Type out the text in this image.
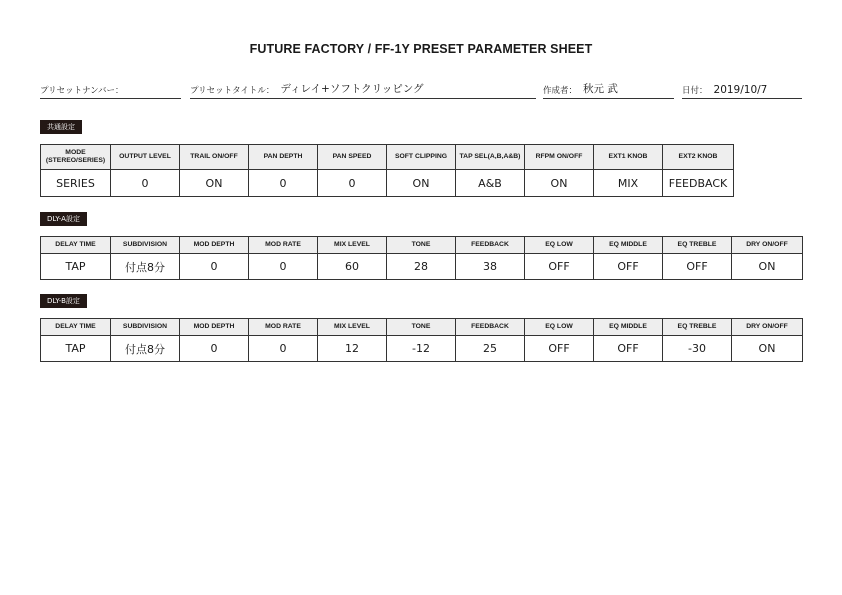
FUTURE FACTORY / FF-1Y PRESET PARAMETER SHEET
プリセットナンバー：	プリセットタイトル： ディレイ+ソフトクリッピング	作成者： 秋元 武	日付： 2019/10/7
共通設定
MODE
(STEREO/SERIES)	OUTPUT LEVEL	TRAIL ON/OFF	PAN DEPTH	PAN SPEED	SOFT CLIPPING	TAP SEL(A,B,A&B)	RFPM ON/OFF	EXT1 KNOB	EXT2 KNOB
SERIES	0	ON	0	0	ON	A&B	ON	MIX	FEEDBACK
DLY-A設定
DELAY TIME	SUBDIVISION	MOD DEPTH	MOD RATE	MIX LEVEL	TONE	FEEDBACK	EQ LOW	EQ MIDDLE	EQ TREBLE	DRY ON/OFF
TAP	付点8分	0	0	60	28	38	OFF	OFF	OFF	ON
DLY-B設定
DELAY TIME	SUBDIVISION	MOD DEPTH	MOD RATE	MIX LEVEL	TONE	FEEDBACK	EQ LOW	EQ MIDDLE	EQ TREBLE	DRY ON/OFF
TAP	付点8分	0	0	12	-12	25	OFF	OFF	-30	ON
